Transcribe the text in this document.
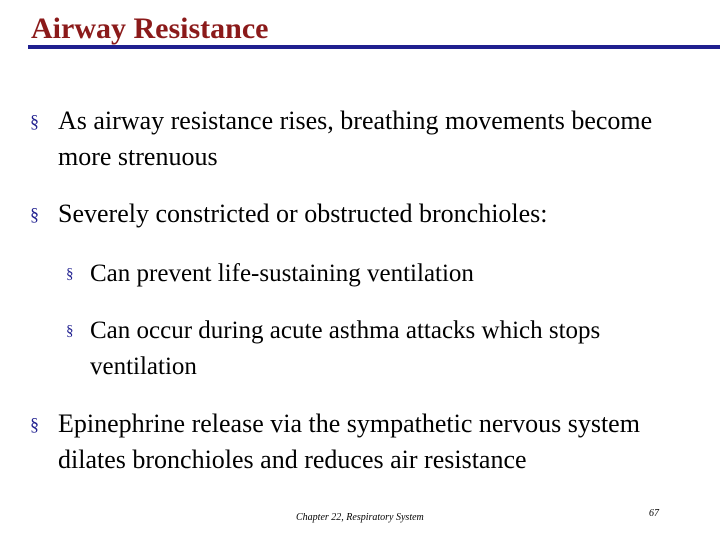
Airway Resistance
§ As airway resistance rises, breathing movements become more strenuous
§ Severely constricted or obstructed bronchioles:
§ Can prevent life-sustaining ventilation
§ Can occur during acute asthma attacks which stops ventilation
§ Epinephrine release via the sympathetic nervous system dilates bronchioles and reduces air resistance
Chapter 22, Respiratory System	67
